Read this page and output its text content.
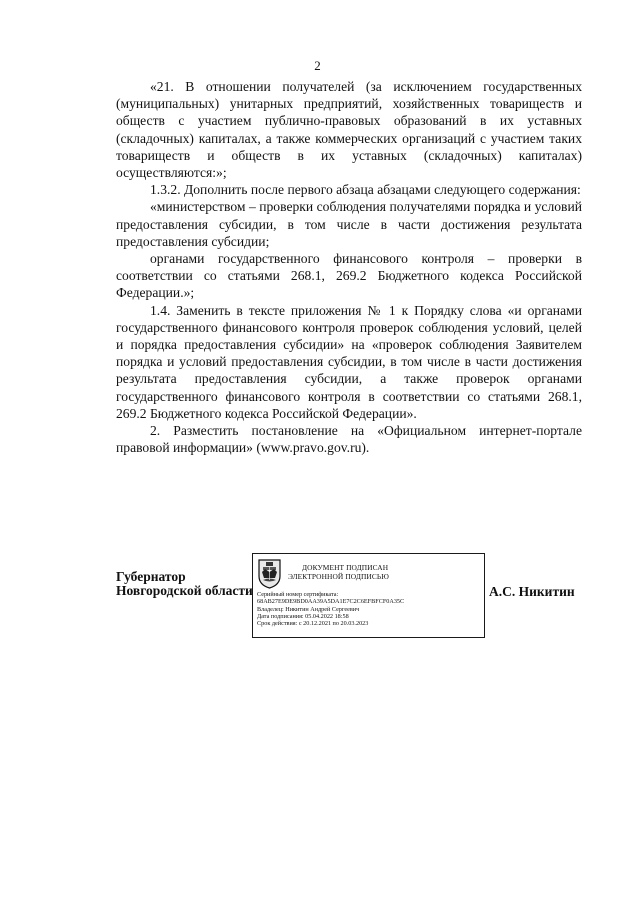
2

«21. В отношении получателей (за исключением государственных (муниципальных) унитарных предприятий, хозяйственных товариществ и обществ с участием публично-правовых образований в их уставных (складочных) капиталах, а также коммерческих организаций с участием таких товариществ и обществ в их уставных (складочных) капиталах) осуществляются:»;

1.3.2. Дополнить после первого абзаца абзацами следующего содержания:

«министерством – проверки соблюдения получателями порядка и условий предоставления субсидии, в том числе в части достижения результата предоставления субсидии;

органами государственного финансового контроля – проверки в соответствии со статьями 268.1, 269.2 Бюджетного кодекса Российской Федерации.»;

1.4. Заменить в тексте приложения № 1 к Порядку слова «и органами государственного финансового контроля проверок соблюдения условий, целей и порядка предоставления субсидии» на «проверок соблюдения Заявителем порядка и условий предоставления субсидии, в том числе в части достижения результата предоставления субсидии, а также проверок органами государственного финансового контроля в соответствии со статьями 268.1, 269.2 Бюджетного кодекса Российской Федерации».

2. Разместить постановление на «Официальном интернет-портале правовой информации» (www.pravo.gov.ru).

Губернатор
Новгородской области
ДОКУМЕНТ ПОДПИСАН
ЭЛЕКТРОННОЙ ПОДПИСЬЮ
Серийный номер сертификата:
68AB27E9DE9BD0AA39A5DA1E7C2C6EFBFCF0A35C
Владелец: Никитин Андрей Сергеевич
Дата подписания: 05.04.2022 18:58
Срок действия: с 20.12.2021 по 20.03.2023
А.С. Никитин
